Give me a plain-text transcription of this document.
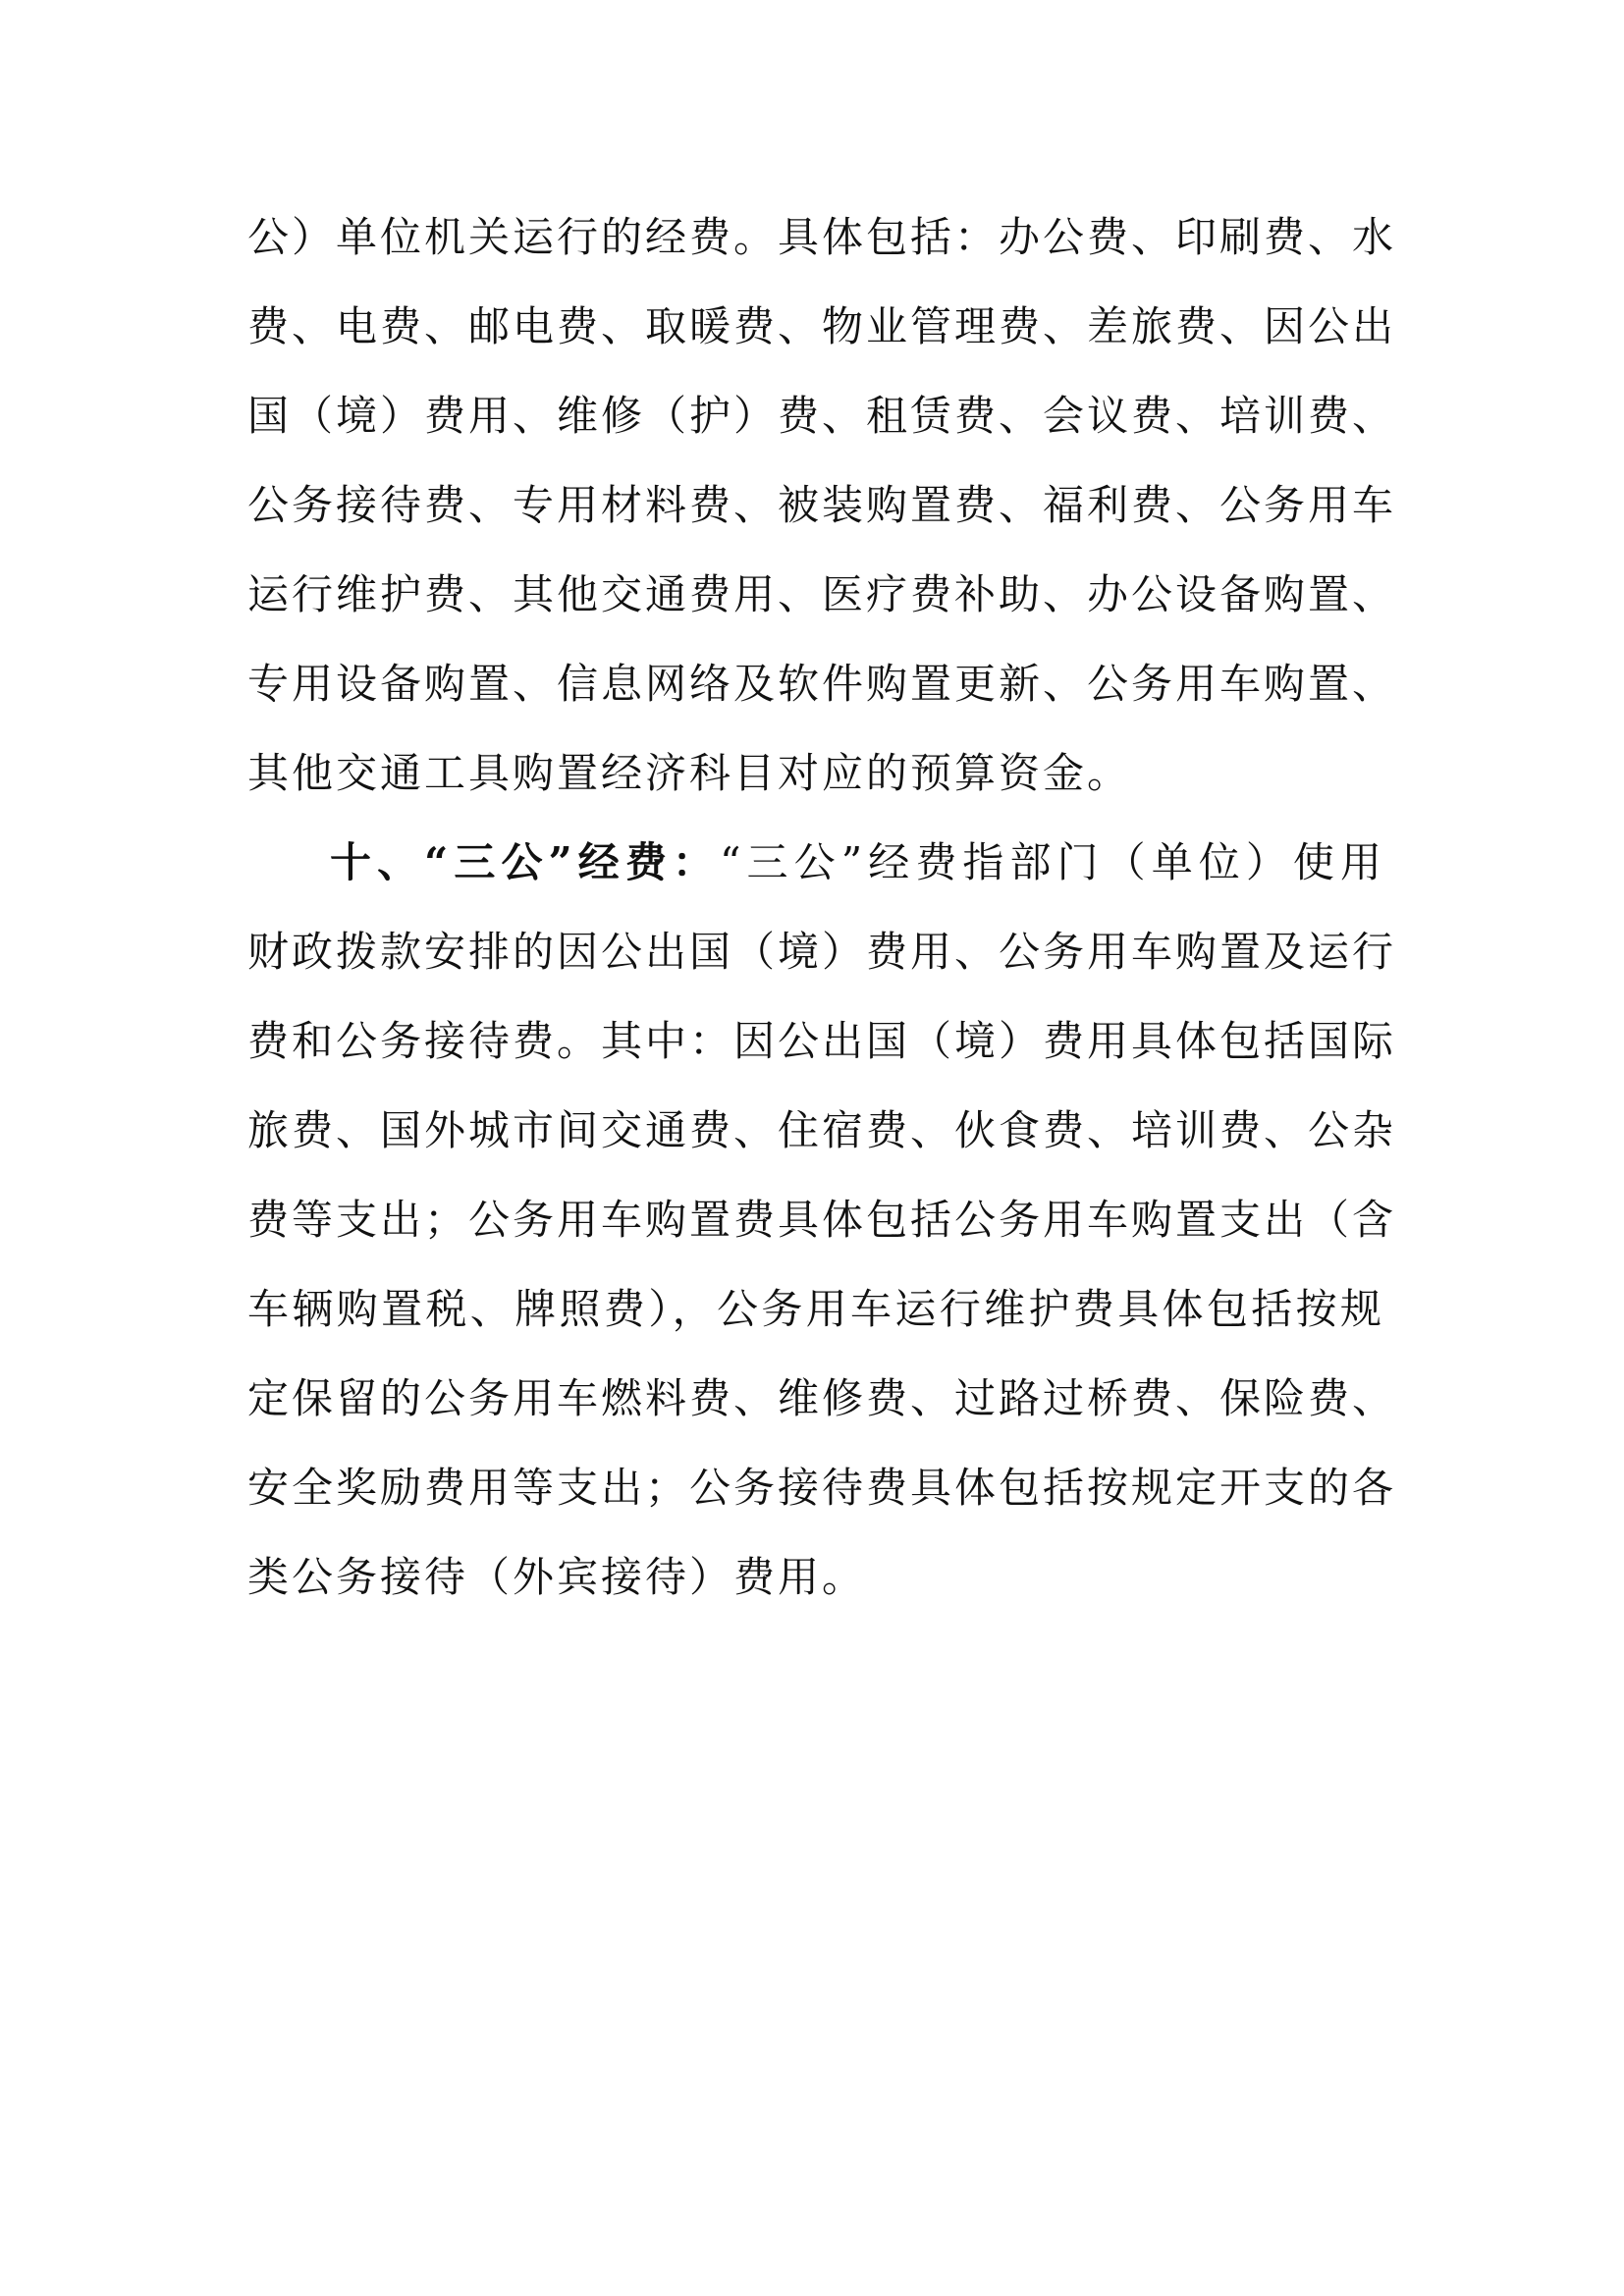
公）单位机关运行的经费。具体包括：办公费、印刷费、水
费、电费、邮电费、取暖费、物业管理费、差旅费、因公出
国（境）费用、维修（护）费、租赁费、会议费、培训费、
公务接待费、专用材料费、被装购置费、福利费、公务用车
运行维护费、其他交通费用、医疗费补助、办公设备购置、
专用设备购置、信息网络及软件购置更新、公务用车购置、
其他交通工具购置经济科目对应的预算资金。
十、“三公”经费：“三公”经费指部门（单位）使用
财政拨款安排的因公出国（境）费用、公务用车购置及运行
费和公务接待费。其中：因公出国（境）费用具体包括国际
旅费、国外城市间交通费、住宿费、伙食费、培训费、公杂
费等支出；公务用车购置费具体包括公务用车购置支出（含
车辆购置税、牌照费），公务用车运行维护费具体包括按规
定保留的公务用车燃料费、维修费、过路过桥费、保险费、
安全奖励费用等支出；公务接待费具体包括按规定开支的各
类公务接待（外宾接待）费用。
